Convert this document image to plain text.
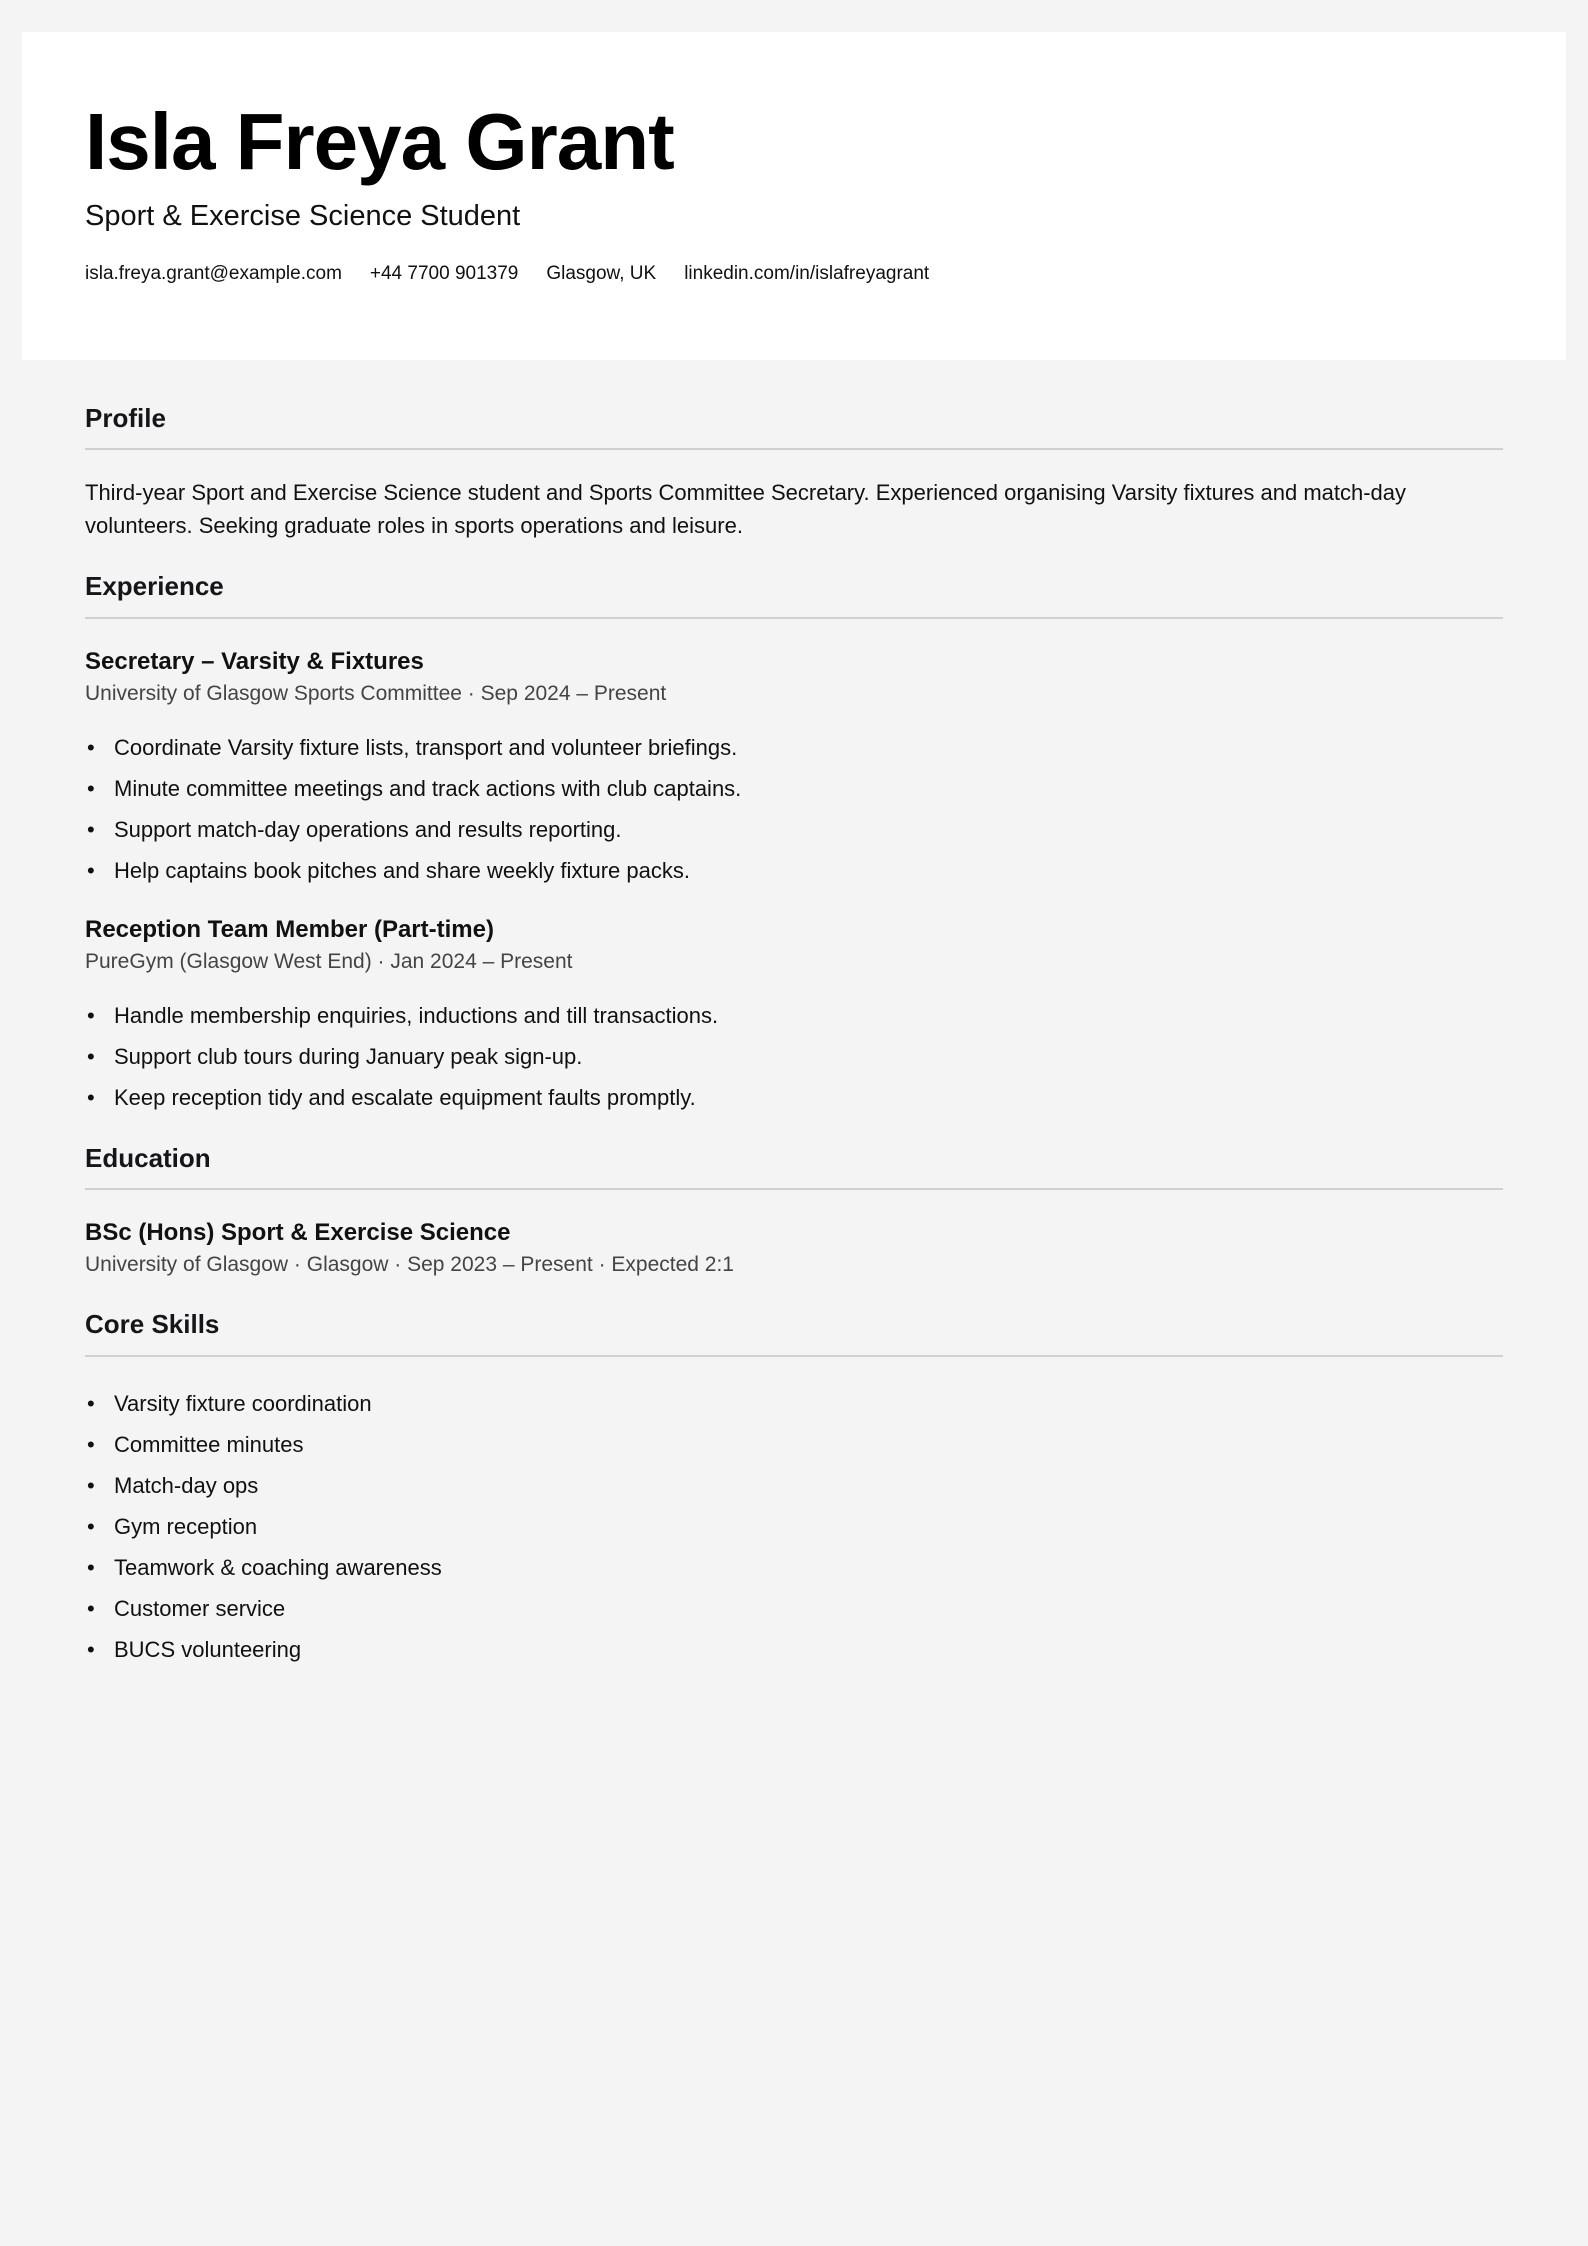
Isla Freya Grant
Sport & Exercise Science Student
isla.freya.grant@example.com +44 7700 901379 Glasgow, UK linkedin.com/in/islafreyagrant
Profile

Third-year Sport and Exercise Science student and Sports Committee Secretary. Experienced organising Varsity fixtures and match-day volunteers. Seeking graduate roles in sports operations and leisure.

Experience
Secretary – Varsity & Fixtures
University of Glasgow Sports Committee · Sep 2024 – Present
• Coordinate Varsity fixture lists, transport and volunteer briefings.
• Minute committee meetings and track actions with club captains.
• Support match-day operations and results reporting.
• Help captains book pitches and share weekly fixture packs.
Reception Team Member (Part-time)
PureGym (Glasgow West End) · Jan 2024 – Present
• Handle membership enquiries, inductions and till transactions.
• Support club tours during January peak sign-up.
• Keep reception tidy and escalate equipment faults promptly.
Education
BSc (Hons) Sport & Exercise Science
University of Glasgow · Glasgow · Sep 2023 – Present · Expected 2:1
Core Skills
• Varsity fixture coordination
• Committee minutes
• Match-day ops
• Gym reception
• Teamwork & coaching awareness
• Customer service
• BUCS volunteering
